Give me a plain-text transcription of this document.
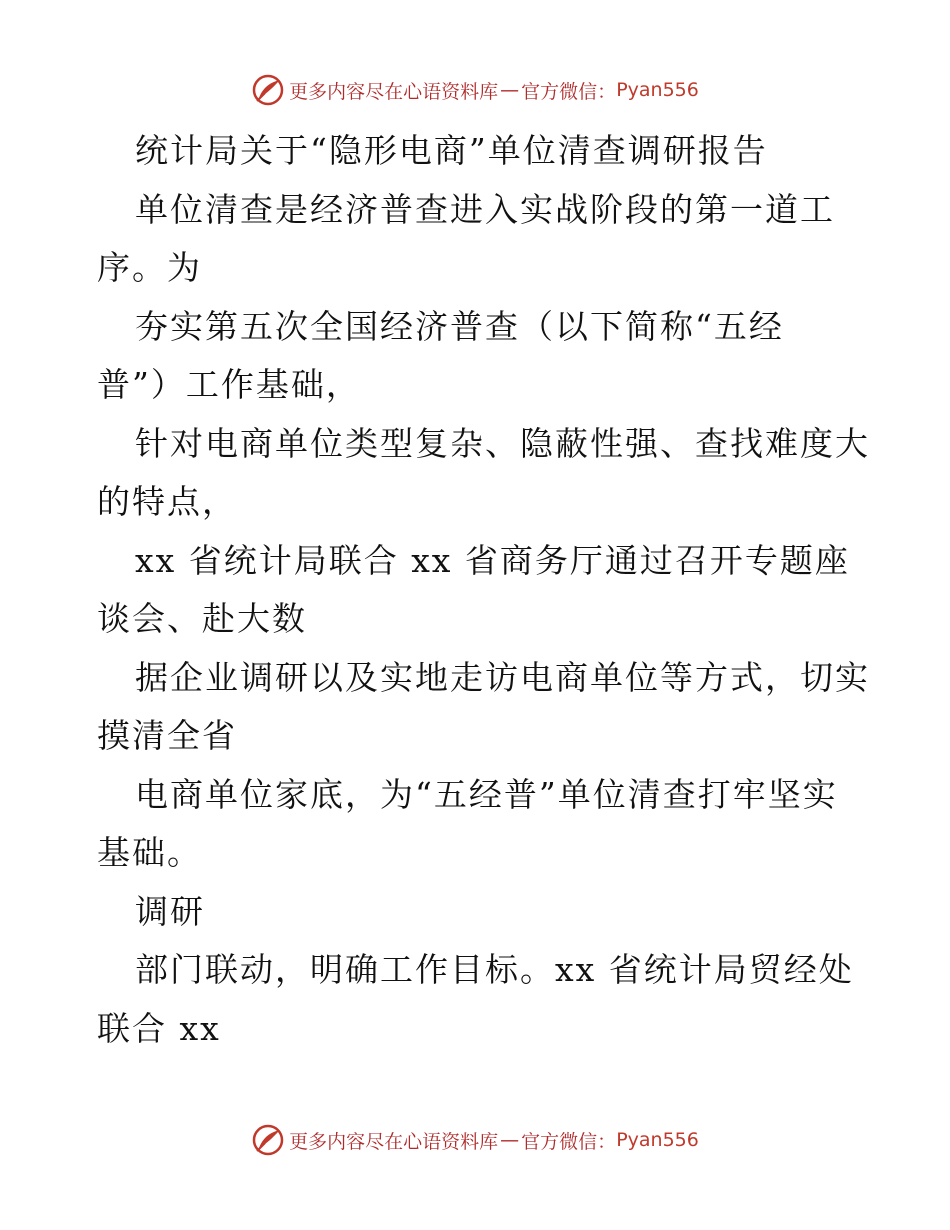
更多内容尽在心语资料库 — 官方微信： Pyan556
统计局关于“隐形电商”单位清查调研报告
单位清查是经济普查进入实战阶段的第一道工
序。为
夯实第五次全国经济普查（以下简称“五经
普”）工作基础，
针对电商单位类型复杂、隐蔽性强、查找难度大
的特点，
xx 省统计局联合 xx 省商务厅通过召开专题座
谈会、赴大数
据企业调研以及实地走访电商单位等方式，切实
摸清全省
电商单位家底，为“五经普”单位清查打牢坚实
基础。
调研
部门联动，明确工作目标。xx 省统计局贸经处
联合 xx
更多内容尽在心语资料库 — 官方微信： Pyan556
